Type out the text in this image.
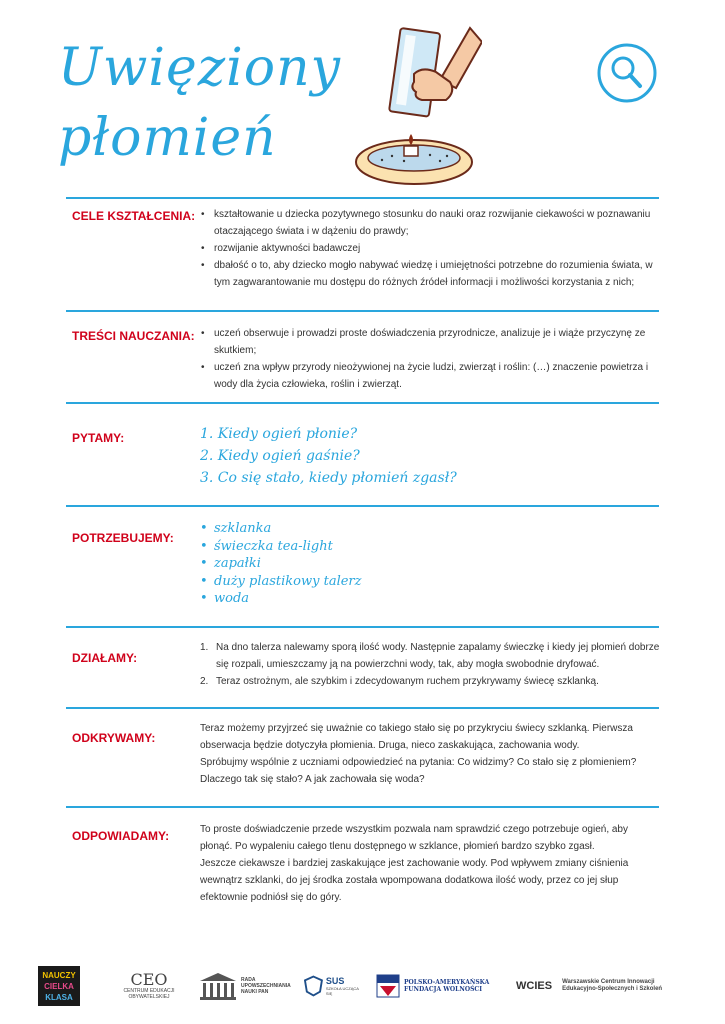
Uwięziony
płomień
CELE KSZTAŁCENIA:	• kształtowanie u dziecka pozytywnego stosunku do nauki oraz rozwijanie ciekawości w poznawaniu otaczającego świata i w dążeniu do prawdy;
• rozwijanie aktywności badawczej
• dbałość o to, aby dziecko mogło nabywać wiedzę i umiejętności potrzebne do rozumienia świata, w tym zagwarantowanie mu dostępu do różnych źródeł informacji i możliwości korzystania z nich;
TREŚCI NAUCZANIA:	• uczeń obserwuje i prowadzi proste doświadczenia przyrodnicze, analizuje je i wiąże przyczynę ze skutkiem;
• uczeń zna wpływ przyrody nieożywionej na życie ludzi, zwierząt i roślin: (…) znaczenie powietrza i wody dla życia człowieka, roślin i zwierząt.
PYTAMY:	1. Kiedy ogień płonie?
2. Kiedy ogień gaśnie?
3. Co się stało, kiedy płomień zgasł?
POTRZEBUJEMY:
• szklanka
• świeczka tea-light
• zapałki
• duży plastikowy talerz
• woda
DZIAŁAMY:
1. Na dno talerza nalewamy sporą ilość wody. Następnie zapalamy świeczkę i kiedy jej płomień dobrze się rozpali, umieszczamy ją na powierzchni wody, tak, aby mogła swobodnie dryfować.
2. Teraz ostrożnym, ale szybkim i zdecydowanym ruchem przykrywamy świecę szklanką.
ODKRYWAMY:

Teraz możemy przyjrzeć się uważnie co takiego stało się po przykryciu świecy szklanką. Pierwsza obserwacja będzie dotyczyła płomienia. Druga, nieco zaskakująca, zachowania wody.

Spróbujmy wspólnie z uczniami odpowiedzieć na pytania: Co widzimy? Co stało się z płomieniem? Dlaczego tak się stało? A jak zachowała się woda?

ODPOWIADAMY:	To proste doświadczenie przede wszystkim pozwala nam sprawdzić czego potrzebuje ogień, aby płonąć. Po wypaleniu całego tlenu dostępnego w szklance, płomień bardzo szybko zgasł.

Jeszcze ciekawsze i bardziej zaskakujące jest zachowanie wody. Pod wpływem zmiany ciśnienia wewnątrz szklanki, do jej środka została wpompowana dodatkowa ilość wody, przez co jej słup efektownie podniósł się do góry.

NAUCZY
CIELKA
KLASA
CEO
CENTRUM EDUKACJI OBYWATELSKIEJ
RADA UPOWSZECHNIANIA NAUKI PAN
SUS
SZKOŁA UCZĄCA SIĘ
POLSKO-AMERYKAŃSKA FUNDACJA WOLNOŚCI	WCIES Warszawskie Centrum Innowacji Edukacyjno-Społecznych i Szkoleń
